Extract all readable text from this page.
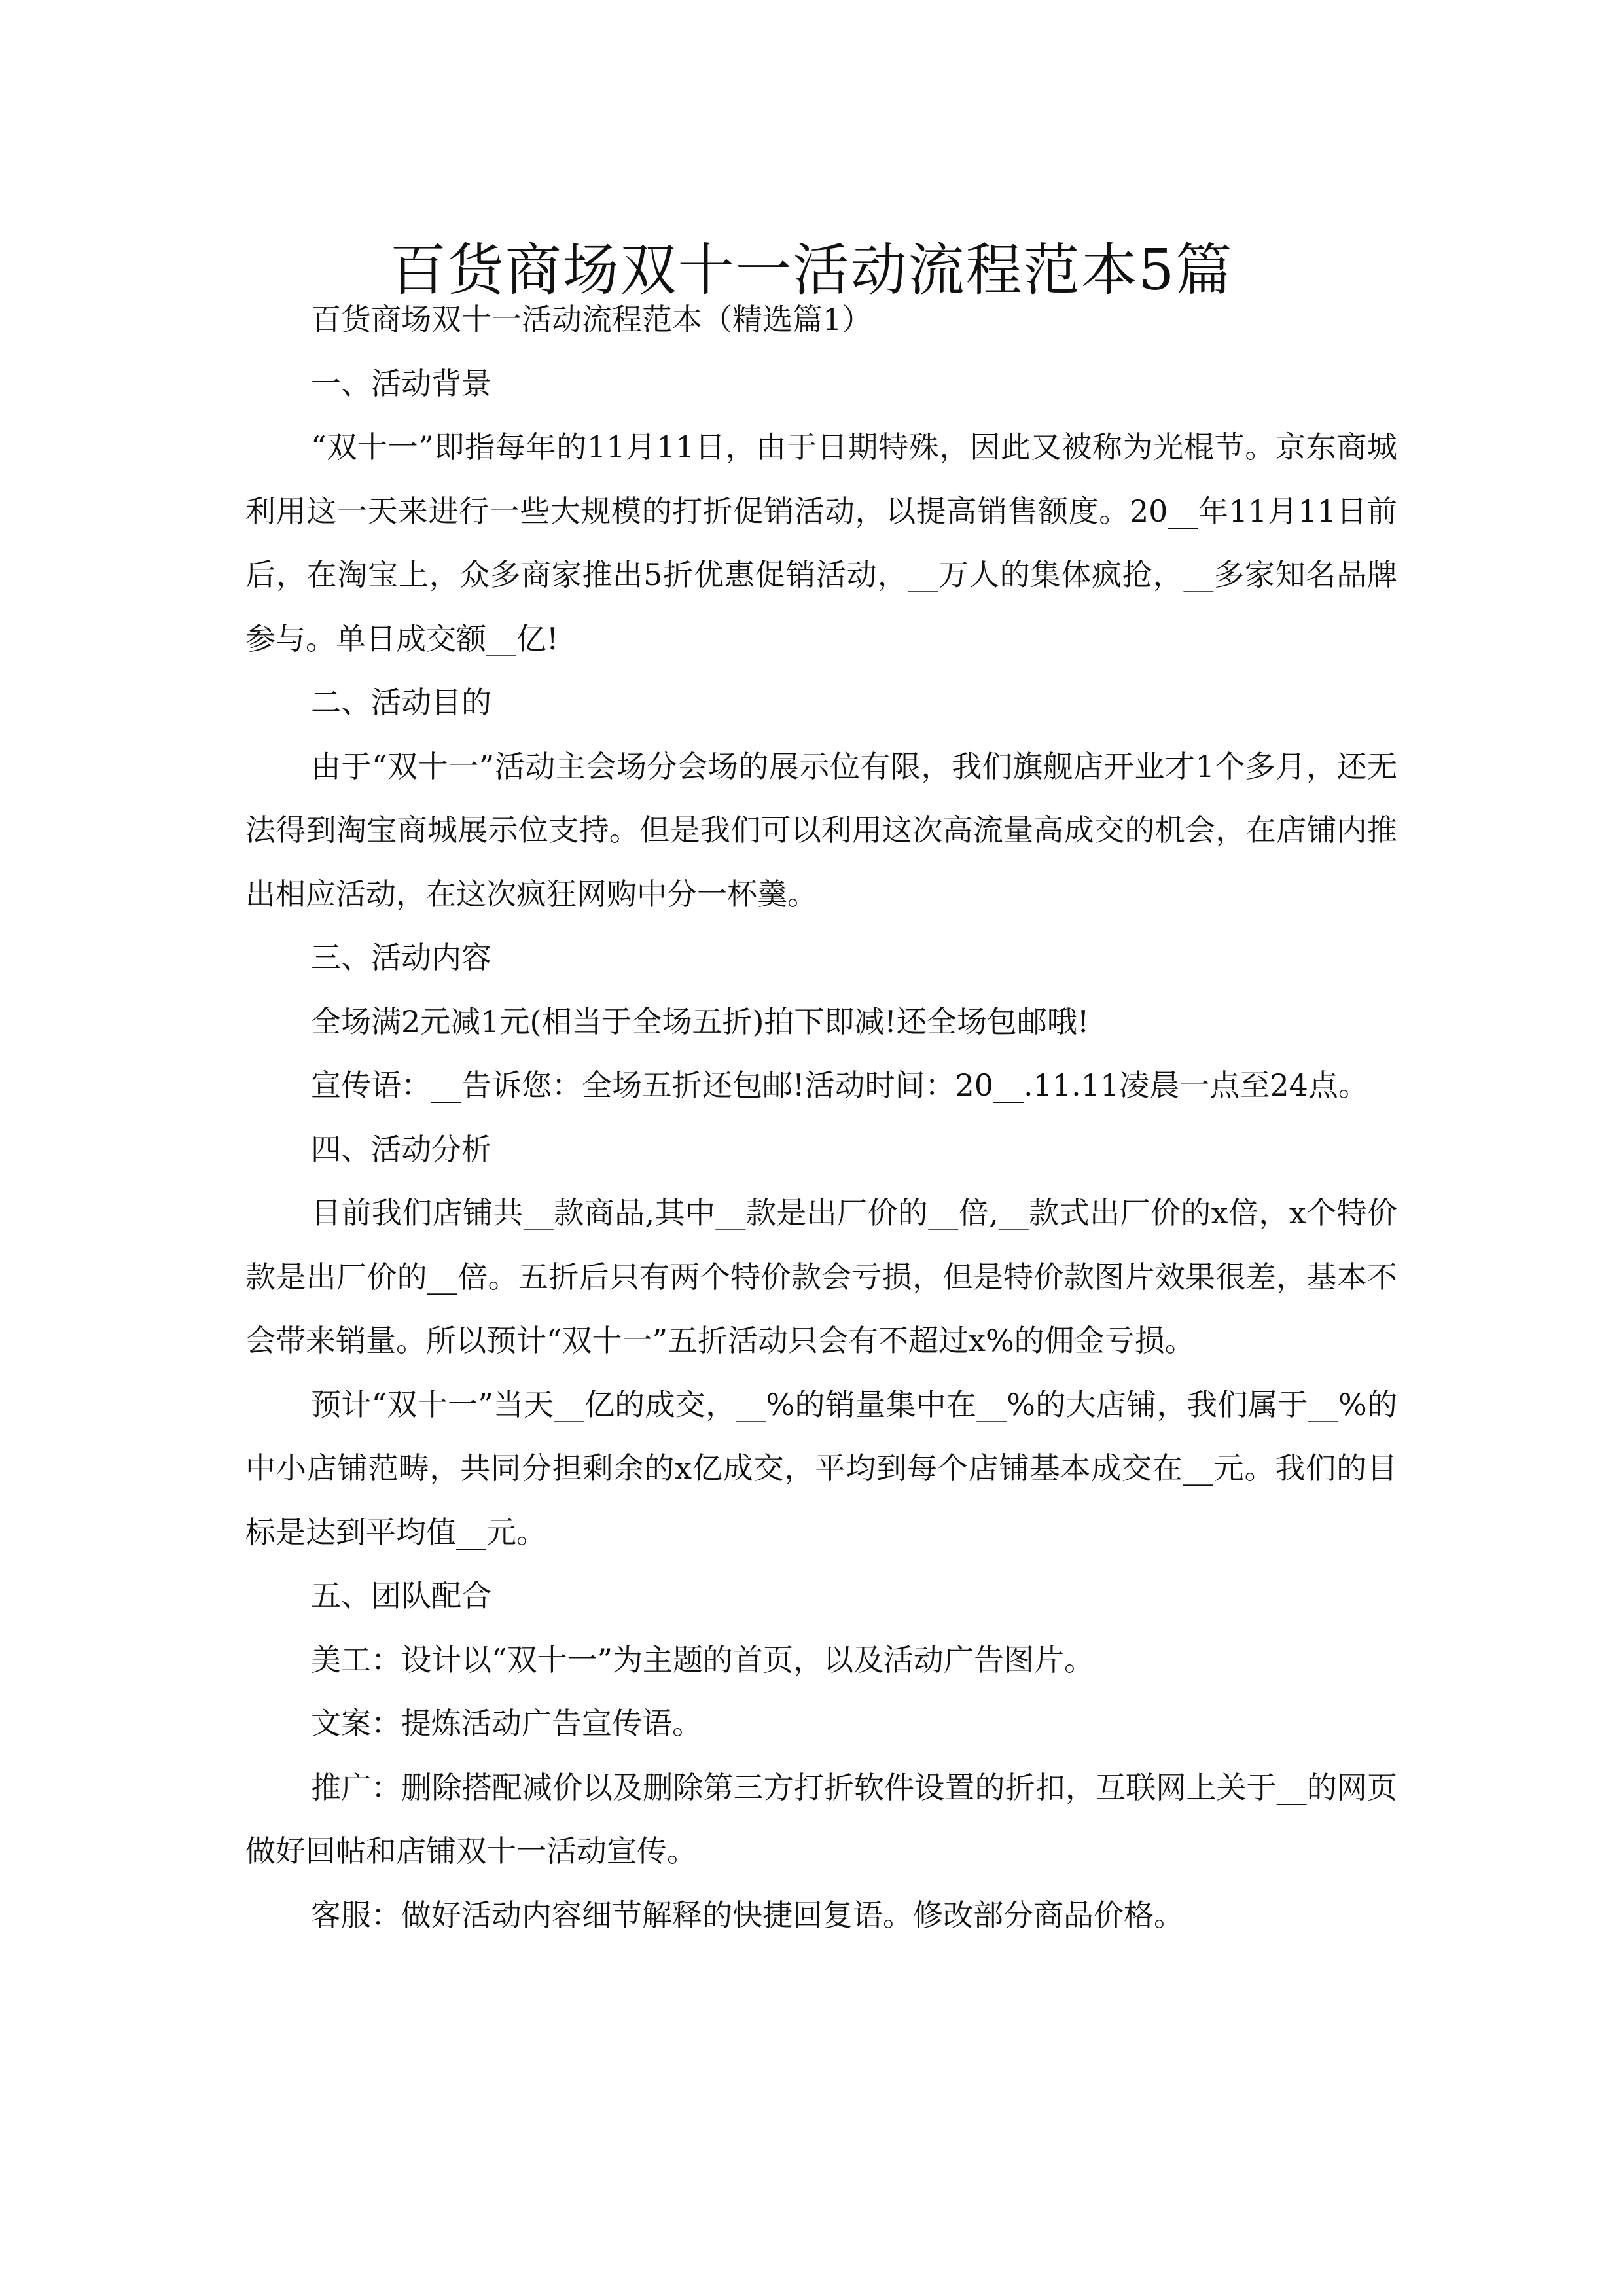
百货商场双十一活动流程范本5篇

百货商场双十一活动流程范本（精选篇1）

一、活动背景

“双十一”即指每年的11月11日，由于日期特殊，因此又被称为光棍节。京东商城利用这一天来进行一些大规模的打折促销活动，以提高销售额度。20__年11月11日前后，在淘宝上，众多商家推出5折优惠促销活动，__万人的集体疯抢，__多家知名品牌参与。单日成交额__亿!

二、活动目的

由于“双十一”活动主会场分会场的展示位有限，我们旗舰店开业才1个多月，还无法得到淘宝商城展示位支持。但是我们可以利用这次高流量高成交的机会，在店铺内推出相应活动，在这次疯狂网购中分一杯羹。

三、活动内容

全场满2元减1元(相当于全场五折)拍下即减!还全场包邮哦!

宣传语：__告诉您：全场五折还包邮!活动时间：20__.11.11凌晨一点至24点。

四、活动分析

目前我们店铺共__款商品,其中__款是出厂价的__倍,__款式出厂价的x倍，x个特价款是出厂价的__倍。五折后只有两个特价款会亏损，但是特价款图片效果很差，基本不会带来销量。所以预计“双十一”五折活动只会有不超过x%的佣金亏损。

预计“双十一”当天__亿的成交，__%的销量集中在__%的大店铺，我们属于__%的中小店铺范畴，共同分担剩余的x亿成交，平均到每个店铺基本成交在__元。我们的目标是达到平均值__元。

五、团队配合

美工：设计以“双十一”为主题的首页，以及活动广告图片。

文案：提炼活动广告宣传语。

推广：删除搭配减价以及删除第三方打折软件设置的折扣，互联网上关于__的网页做好回帖和店铺双十一活动宣传。

客服：做好活动内容细节解释的快捷回复语。修改部分商品价格。
